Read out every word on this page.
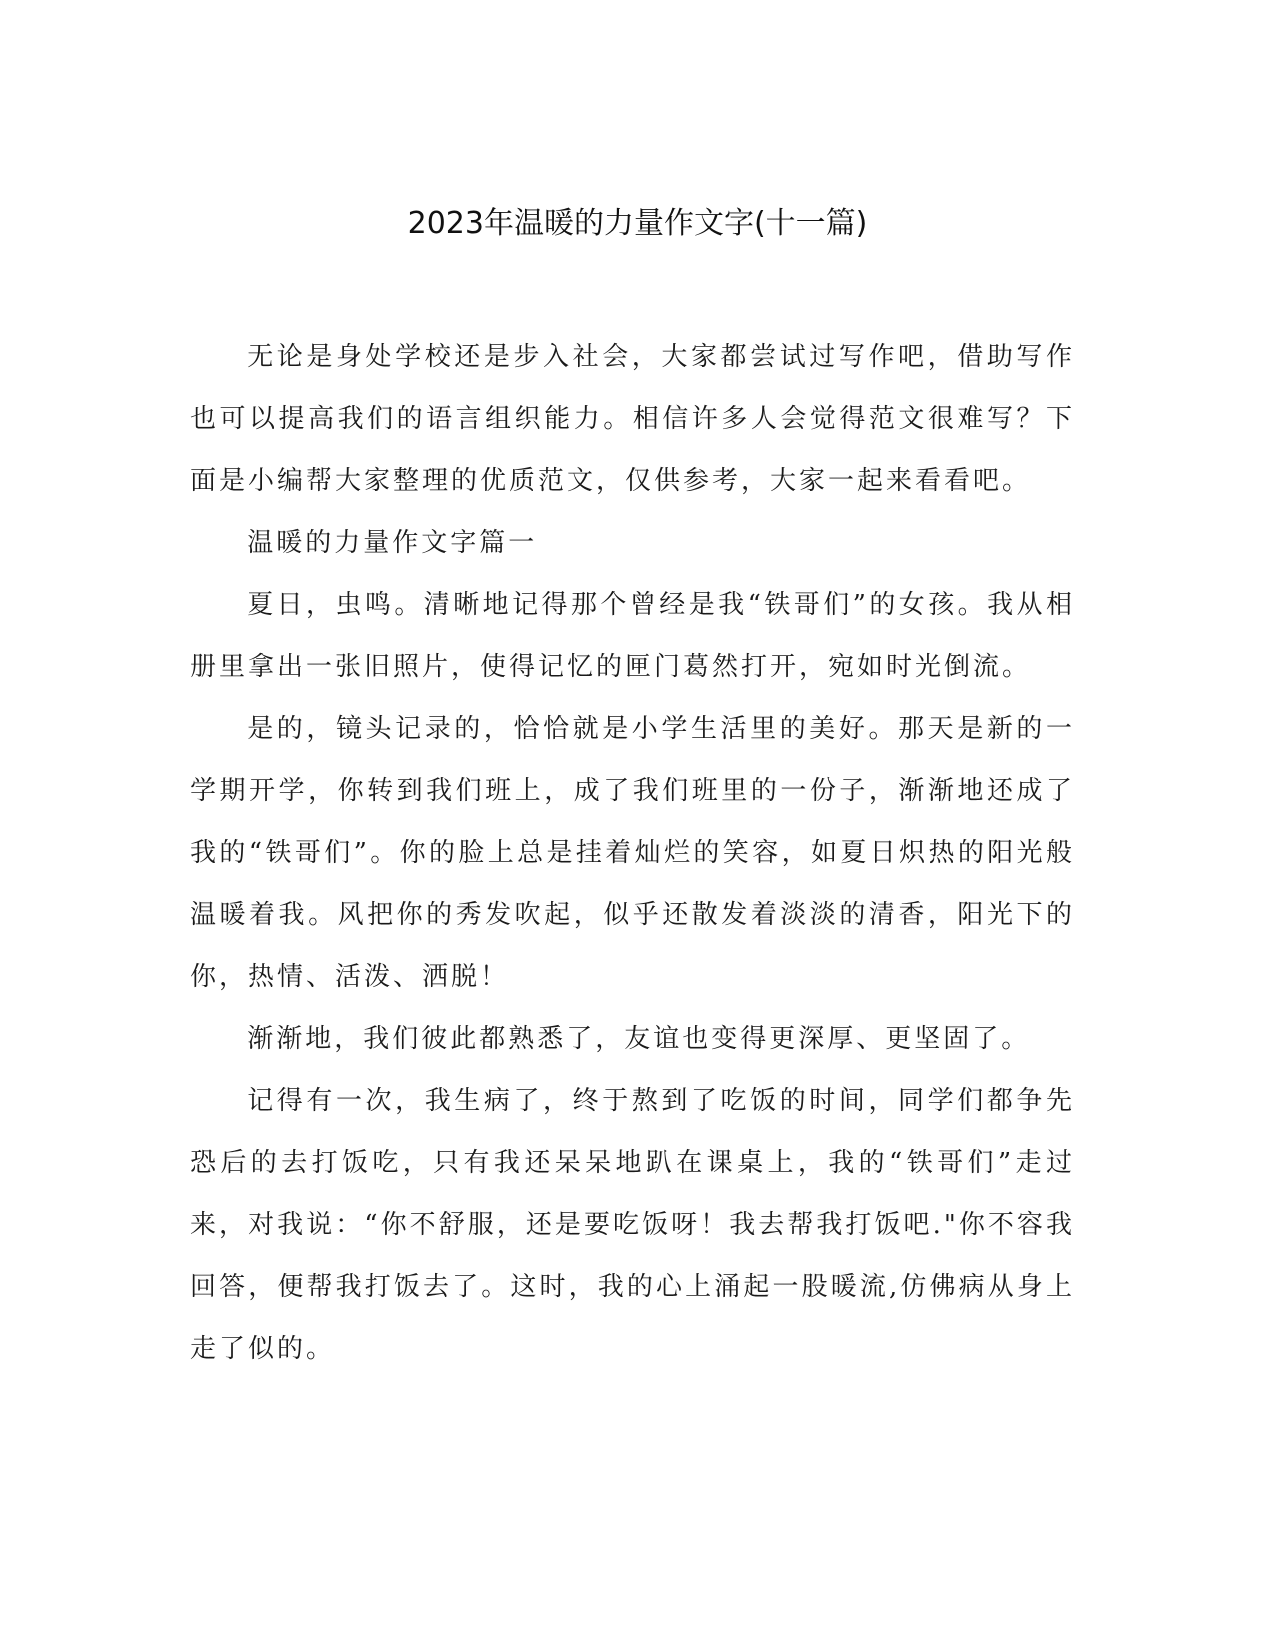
2023年温暖的力量作文字(十一篇)

无论是身处学校还是步入社会，大家都尝试过写作吧，借助写作也可以提高我们的语言组织能力。相信许多人会觉得范文很难写？下面是小编帮大家整理的优质范文，仅供参考，大家一起来看看吧。

温暖的力量作文字篇一

夏日，虫鸣。清晰地记得那个曾经是我“铁哥们”的女孩。我从相册里拿出一张旧照片，使得记忆的匣门葛然打开，宛如时光倒流。

是的，镜头记录的，恰恰就是小学生活里的美好。那天是新的一学期开学，你转到我们班上，成了我们班里的一份子，渐渐地还成了我的“铁哥们”。你的脸上总是挂着灿烂的笑容，如夏日炽热的阳光般温暖着我。风把你的秀发吹起，似乎还散发着淡淡的清香，阳光下的你，热情、活泼、洒脱！

渐渐地，我们彼此都熟悉了，友谊也变得更深厚、更坚固了。

记得有一次，我生病了，终于熬到了吃饭的时间，同学们都争先恐后的去打饭吃，只有我还呆呆地趴在课桌上，我的“铁哥们”走过来，对我说：“你不舒服，还是要吃饭呀！我去帮我打饭吧."你不容我回答，便帮我打饭去了。这时，我的心上涌起一股暖流,仿佛病从身上走了似的。
